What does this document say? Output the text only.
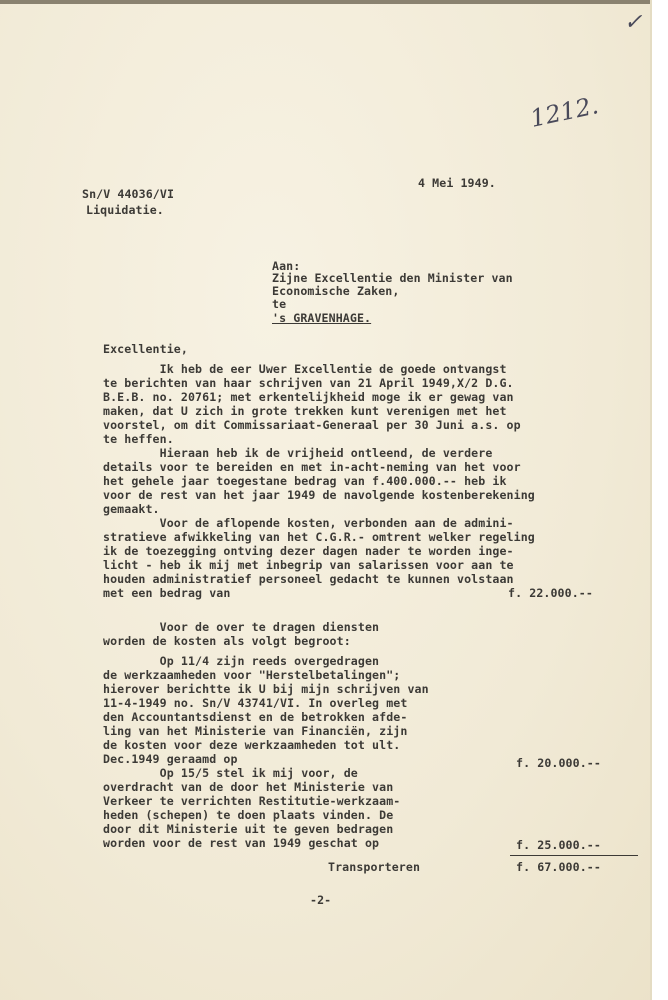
✓
1212.
4 Mei 1949.
Sn/V 44036/VI
Liquidatie.
Aan:
Zijne Excellentie den Minister van
Economische Zaken,
te
's GRAVENHAGE.
Excellentie,
Ik heb de eer Uwer Excellentie de goede ontvangst
te berichten van haar schrijven van 21 April 1949,X/2 D.G.
B.E.B. no. 20761; met erkentelijkheid moge ik er gewag van
maken, dat U zich in grote trekken kunt verenigen met het
voorstel, om dit Commissariaat-Generaal per 30 Juni a.s. op
te heffen.
Hieraan heb ik de vrijheid ontleend, de verdere
details voor te bereiden en met in-acht-neming van het voor
het gehele jaar toegestane bedrag van f.400.000.-- heb ik
voor de rest van het jaar 1949 de navolgende kostenberekening
gemaakt.
Voor de aflopende kosten, verbonden aan de admini-
stratieve afwikkeling van het C.G.R.- omtrent welker regeling
ik de toezegging ontving dezer dagen nader te worden inge-
licht - heb ik mij met inbegrip van salarissen voor aan te
houden administratief personeel gedacht te kunnen volstaan
met een bedrag van	f. 22.000.--
Voor de over te dragen diensten
worden de kosten als volgt begroot:
Op 11/4 zijn reeds overgedragen
de werkzaamheden voor "Herstelbetalingen";
hierover berichtte ik U bij mijn schrijven van
11-4-1949 no. Sn/V 43741/VI. In overleg met
den Accountantsdienst en de betrokken afde-
ling van het Ministerie van Financiën, zijn
de kosten voor deze werkzaamheden tot ult.
Dec.1949 geraamd op	f. 20.000.--
Op 15/5 stel ik mij voor, de
overdracht van de door het Ministerie van
Verkeer te verrichten Restitutie-werkzaam-
heden (schepen) te doen plaats vinden. De
door dit Ministerie uit te geven bedragen
worden voor de rest van 1949 geschat op	f. 25.000.--
Transporteren	f. 67.000.--
-2-
